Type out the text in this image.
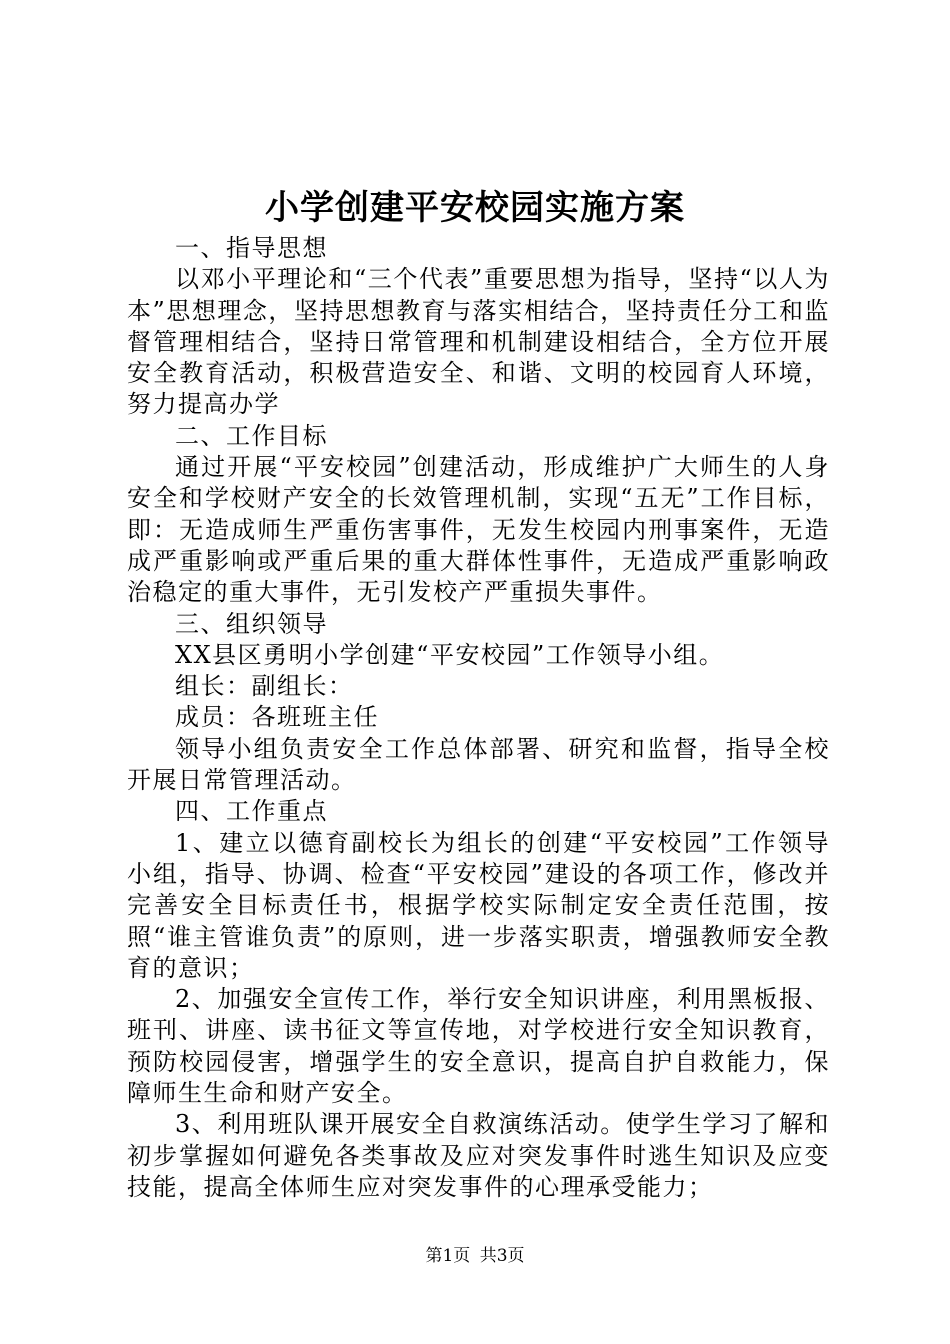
小学创建平安校园实施方案

一、指导思想

以邓小平理论和“三个代表”重要思想为指导，坚持“以人为本”思想理念，坚持思想教育与落实相结合，坚持责任分工和监督管理相结合，坚持日常管理和机制建设相结合，全方位开展安全教育活动，积极营造安全、和谐、文明的校园育人环境，努力提高办学

二、工作目标

通过开展“平安校园”创建活动，形成维护广大师生的人身安全和学校财产安全的长效管理机制，实现“五无”工作目标，即：无造成师生严重伤害事件，无发生校园内刑事案件，无造成严重影响或严重后果的重大群体性事件，无造成严重影响政治稳定的重大事件，无引发校产严重损失事件。

三、组织领导

XX县区勇明小学创建“平安校园”工作领导小组。

组长：副组长：

成员：各班班主任

领导小组负责安全工作总体部署、研究和监督，指导全校开展日常管理活动。

四、工作重点

1、建立以德育副校长为组长的创建“平安校园”工作领导小组，指导、协调、检查“平安校园”建设的各项工作，修改并完善安全目标责任书，根据学校实际制定安全责任范围，按照“谁主管谁负责”的原则，进一步落实职责，增强教师安全教育的意识；

2、加强安全宣传工作，举行安全知识讲座，利用黑板报、班刊、讲座、读书征文等宣传地，对学校进行安全知识教育，预防校园侵害，增强学生的安全意识，提高自护自救能力，保障师生生命和财产安全。

3、利用班队课开展安全自救演练活动。使学生学习了解和初步掌握如何避免各类事故及应对突发事件时逃生知识及应变技能，提高全体师生应对突发事件的心理承受能力；

第1页 共3页
